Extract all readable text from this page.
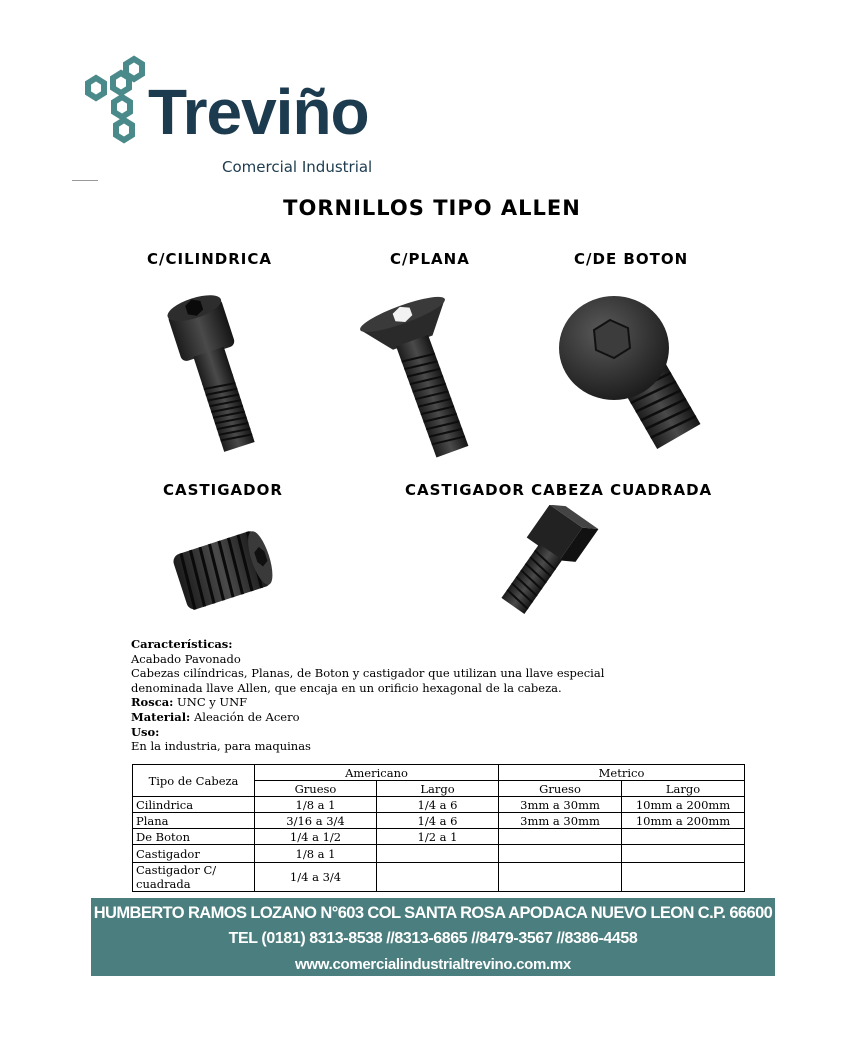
Treviño
Comercial Industrial
TORNILLOS TIPO ALLEN
C/CILINDRICA	C/PLANA	C/DE BOTON
CASTIGADOR	CASTIGADOR CABEZA CUADRADA
Características:
Acabado Pavonado
Cabezas cilíndricas, Planas, de Boton y castigador que utilizan una llave especial
denominada llave Allen, que encaja en un orificio hexagonal de la cabeza.
Rosca: UNC y UNF
Material: Aleación de Acero
Uso:
En la industria, para maquinas
Tipo de Cabeza	Americano		Metrico	
	Grueso	Largo	Grueso	Largo
Cilindrica	1/8 a 1	1/4 a 6	3mm a 30mm	10mm a 200mm
Plana	3/16 a 3/4	1/4 a 6	3mm a 30mm	10mm a 200mm
De Boton	1/4 a 1/2	1/2 a 1		
Castigador	1/8 a 1			

Castigador C/
cuadrada	1/4 a 3/4			
HUMBERTO RAMOS LOZANO N°603 COL SANTA ROSA APODACA NUEVO LEON C.P. 66600
TEL (0181) 8313-8538 //8313-6865 //8479-3567 //8386-4458
www.comercialindustrialtrevino.com.mx
